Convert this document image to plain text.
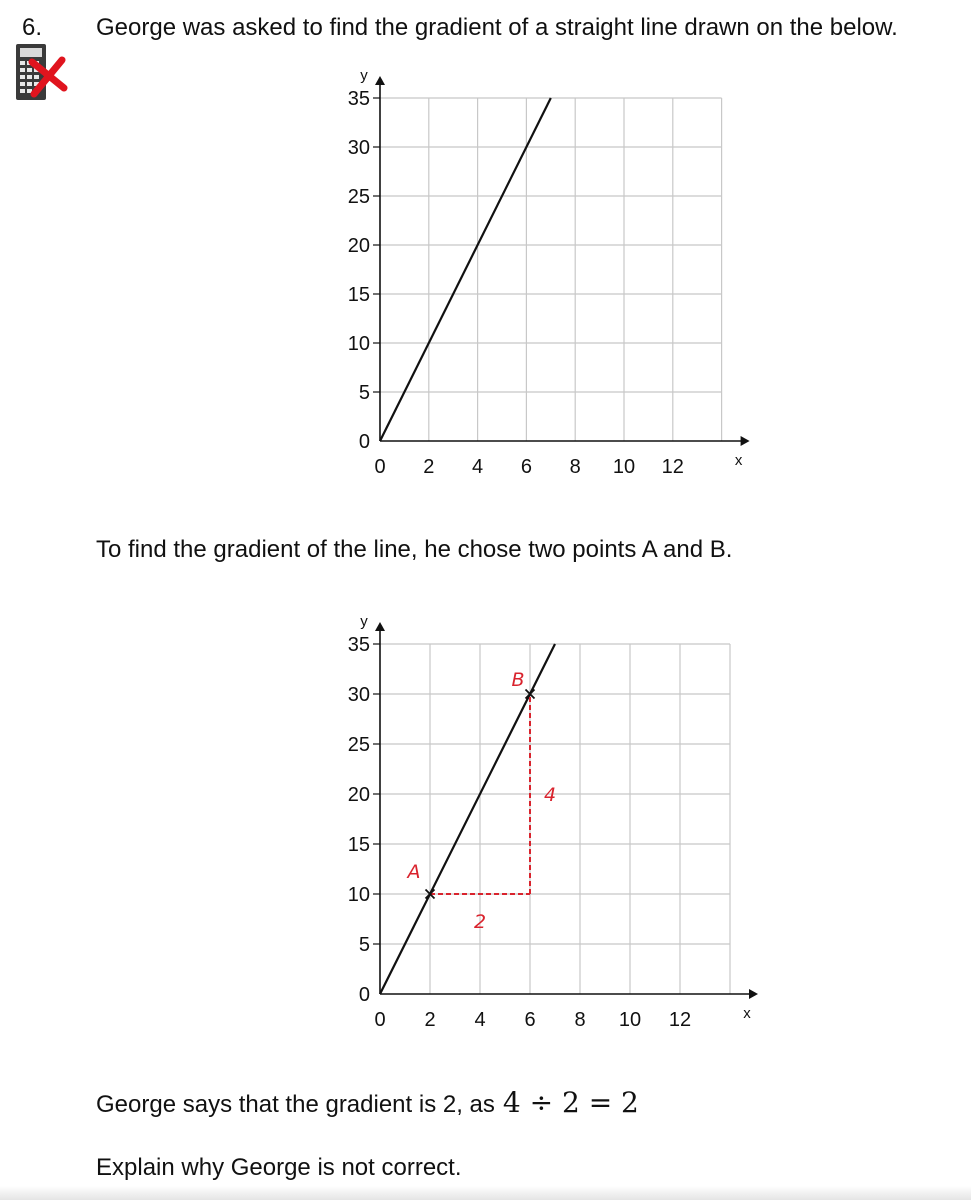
6. George was asked to find the gradient of a straight line drawn on the below.
0
5
10
15
20
25
30
35
0 2 4 6 8 10 12
y
x
To find the gradient of the line, he chose two points A and B.
0
5
10
15
20
25
30
35
0 2 4 6 8 10 12
y
x
2
4
A
B
George says that the gradient is 2, as 4 ÷ 2 = 2
Explain why George is not correct.
